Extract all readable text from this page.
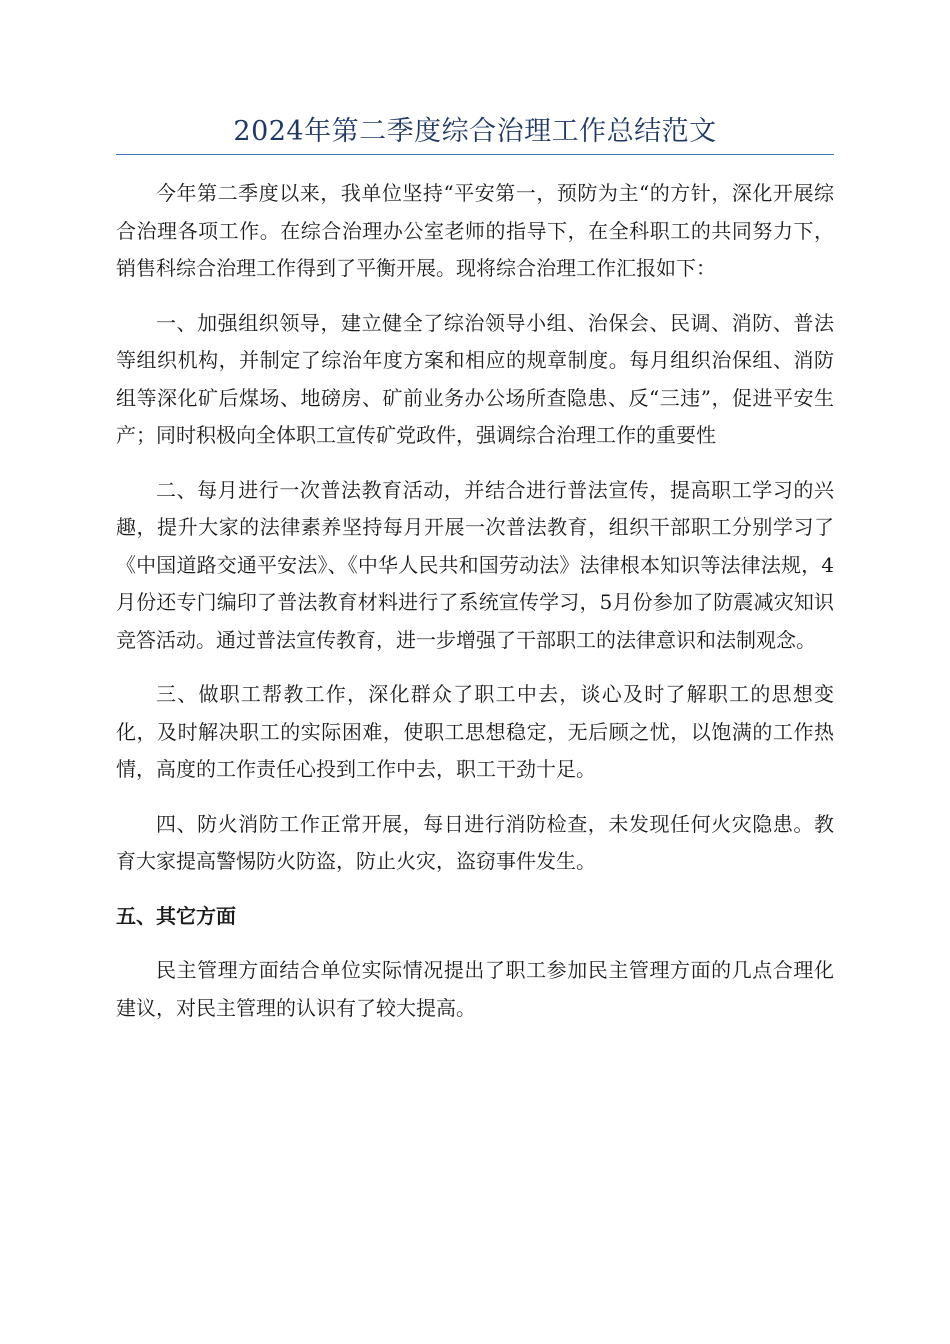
2024年第二季度综合治理工作总结范文

今年第二季度以来，我单位坚持“平安第一，预防为主“的方针，深化开展综合治理各项工作。在综合治理办公室老师的指导下，在全科职工的共同努力下，销售科综合治理工作得到了平衡开展。现将综合治理工作汇报如下：

一、加强组织领导，建立健全了综治领导小组、治保会、民调、消防、普法等组织机构，并制定了综治年度方案和相应的规章制度。每月组织治保组、消防组等深化矿后煤场、地磅房、矿前业务办公场所查隐患、反“三违”，促进平安生产；同时积极向全体职工宣传矿党政件，强调综合治理工作的重要性

二、每月进行一次普法教育活动，并结合进行普法宣传，提高职工学习的兴趣，提升大家的法律素养坚持每月开展一次普法教育，组织干部职工分别学习了《中国道路交通平安法》、《中华人民共和国劳动法》法律根本知识等法律法规，4月份还专门编印了普法教育材料进行了系统宣传学习，5月份参加了防震减灾知识竞答活动。通过普法宣传教育，进一步增强了干部职工的法律意识和法制观念。

三、做职工帮教工作，深化群众了职工中去，谈心及时了解职工的思想变化，及时解决职工的实际困难，使职工思想稳定，无后顾之忧，以饱满的工作热情，高度的工作责任心投到工作中去，职工干劲十足。

四、防火消防工作正常开展，每日进行消防检查，未发现任何火灾隐患。教育大家提高警惕防火防盗，防止火灾，盗窃事件发生。

五、其它方面

民主管理方面结合单位实际情况提出了职工参加民主管理方面的几点合理化建议，对民主管理的认识有了较大提高。
